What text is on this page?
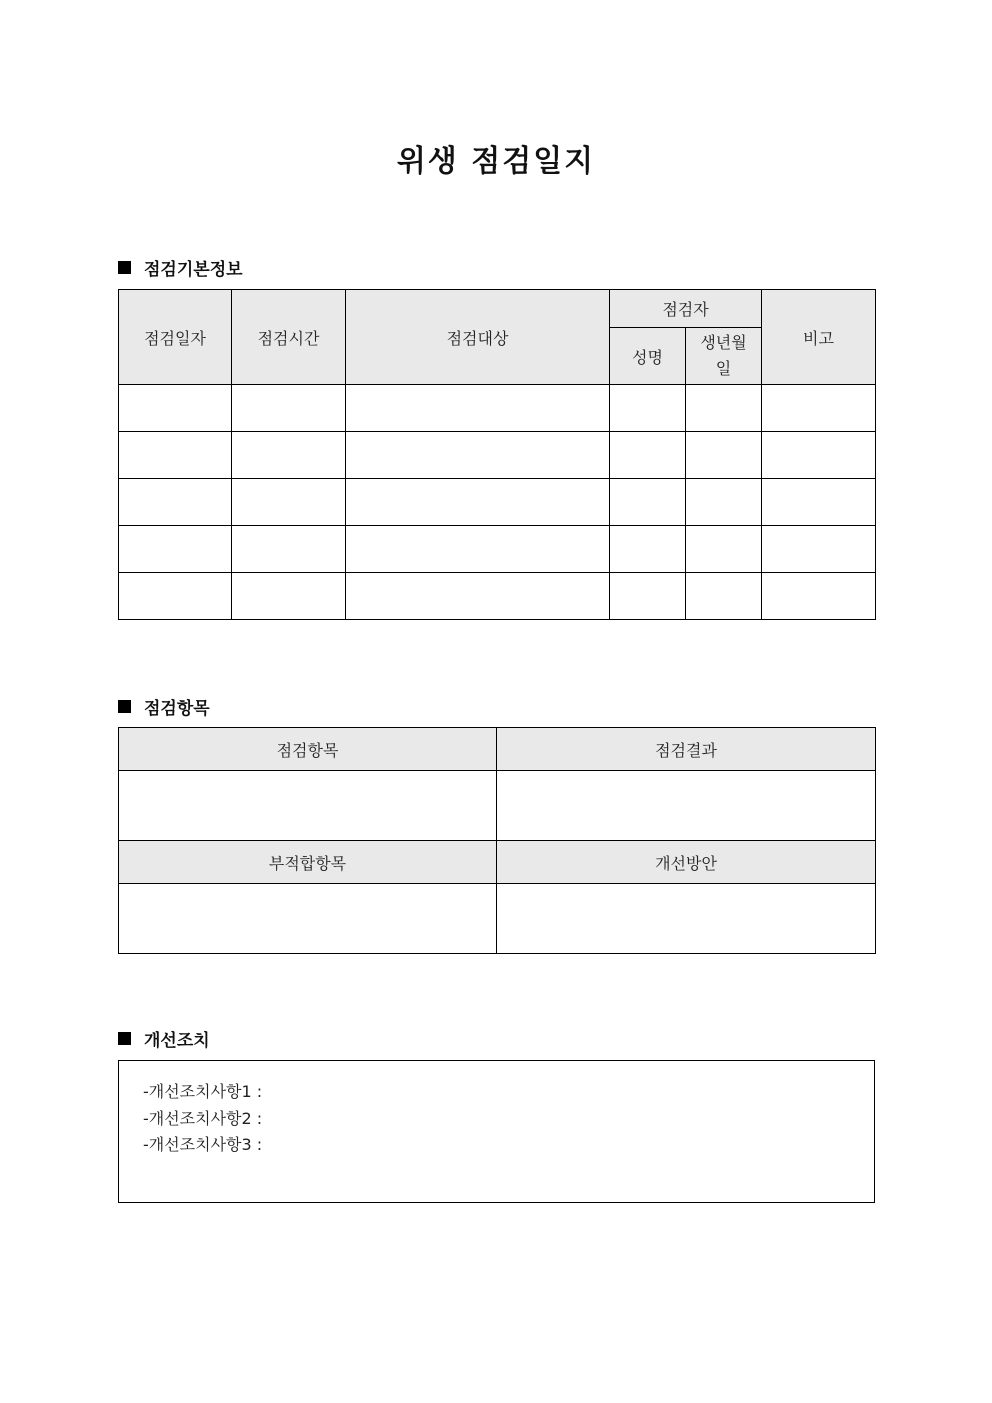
위생 점검일지
점검기본정보
점검일자	점검시간	점검대상	점검자		비고
			성명	생년월일	

점검항목
점검항목	점검결과

부적합항목	개선방안

개선조치
-개선조치사항1 :
-개선조치사항2 :
-개선조치사항3 :
